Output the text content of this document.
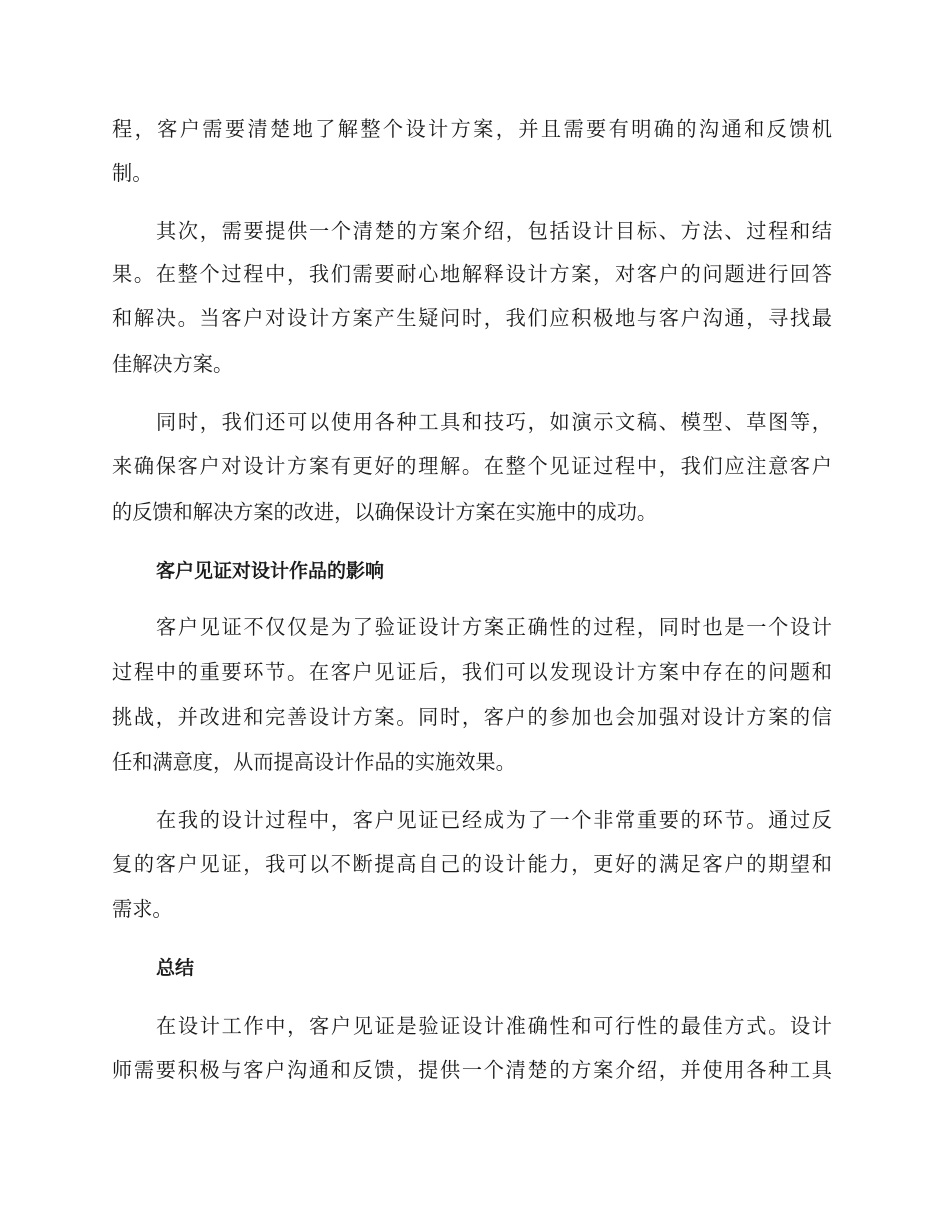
程，客户需要清楚地了解整个设计方案，并且需要有明确的沟通和反馈机
制。
其次，需要提供一个清楚的方案介绍，包括设计目标、方法、过程和结
果。在整个过程中，我们需要耐心地解释设计方案，对客户的问题进行回答
和解决。当客户对设计方案产生疑问时，我们应积极地与客户沟通，寻找最
佳解决方案。
同时，我们还可以使用各种工具和技巧，如演示文稿、模型、草图等，
来确保客户对设计方案有更好的理解。在整个见证过程中，我们应注意客户
的反馈和解决方案的改进，以确保设计方案在实施中的成功。
客户见证对设计作品的影响
客户见证不仅仅是为了验证设计方案正确性的过程，同时也是一个设计
过程中的重要环节。在客户见证后，我们可以发现设计方案中存在的问题和
挑战，并改进和完善设计方案。同时，客户的参加也会加强对设计方案的信
任和满意度，从而提高设计作品的实施效果。
在我的设计过程中，客户见证已经成为了一个非常重要的环节。通过反
复的客户见证，我可以不断提高自己的设计能力，更好的满足客户的期望和
需求。
总结
在设计工作中，客户见证是验证设计准确性和可行性的最佳方式。设计
师需要积极与客户沟通和反馈，提供一个清楚的方案介绍，并使用各种工具
